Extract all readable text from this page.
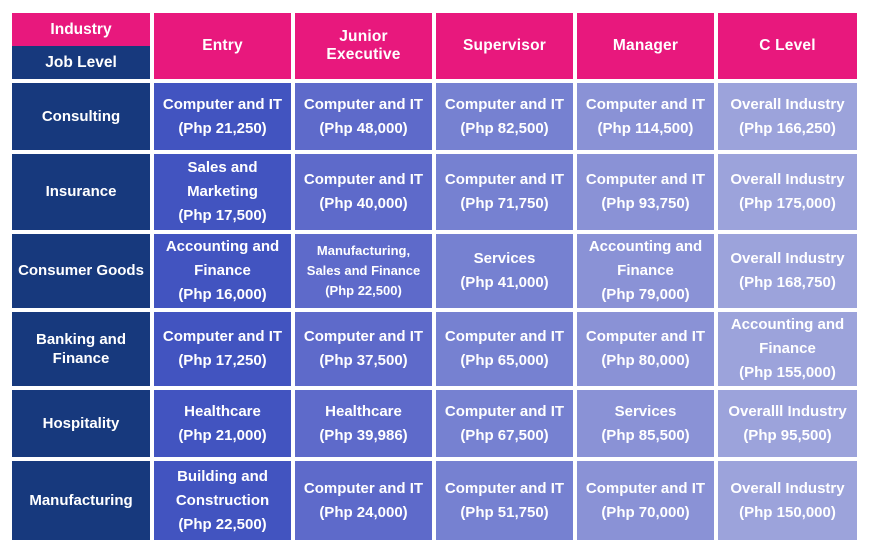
Industry
Job Level
Entry
Junior Executive
Supervisor	Manager	C Level
Consulting
Computer and IT
(Php 21,250)
Computer and IT
(Php 48,000)
Computer and IT
(Php 82,500)
Computer and IT
(Php 114,500)
Overall Industry
(Php 166,250)
Insurance
Sales and Marketing
(Php 17,500)
Computer and IT
(Php 40,000)
Computer and IT
(Php 71,750)
Computer and IT
(Php 93,750)
Overall Industry
(Php 175,000)
Consumer Goods
Accounting and Finance
(Php 16,000)
Manufacturing, Sales and Finance
(Php 22,500)
Services
(Php 41,000)
Accounting and Finance
(Php 79,000)
Overall Industry
(Php 168,750)
Banking and Finance
Computer and IT
(Php 17,250)
Computer and IT
(Php 37,500)
Computer and IT
(Php 65,000)
Computer and IT
(Php 80,000)
Accounting and Finance
(Php 155,000)
Hospitality
Healthcare
(Php 21,000)
Healthcare
(Php 39,986)
Computer and IT
(Php 67,500)
Services
(Php 85,500)
Overalll Industry
(Php 95,500)
Manufacturing
Building and Construction
(Php 22,500)
Computer and IT
(Php 24,000)
Computer and IT
(Php 51,750)
Computer and IT
(Php 70,000)
Overall Industry
(Php 150,000)
